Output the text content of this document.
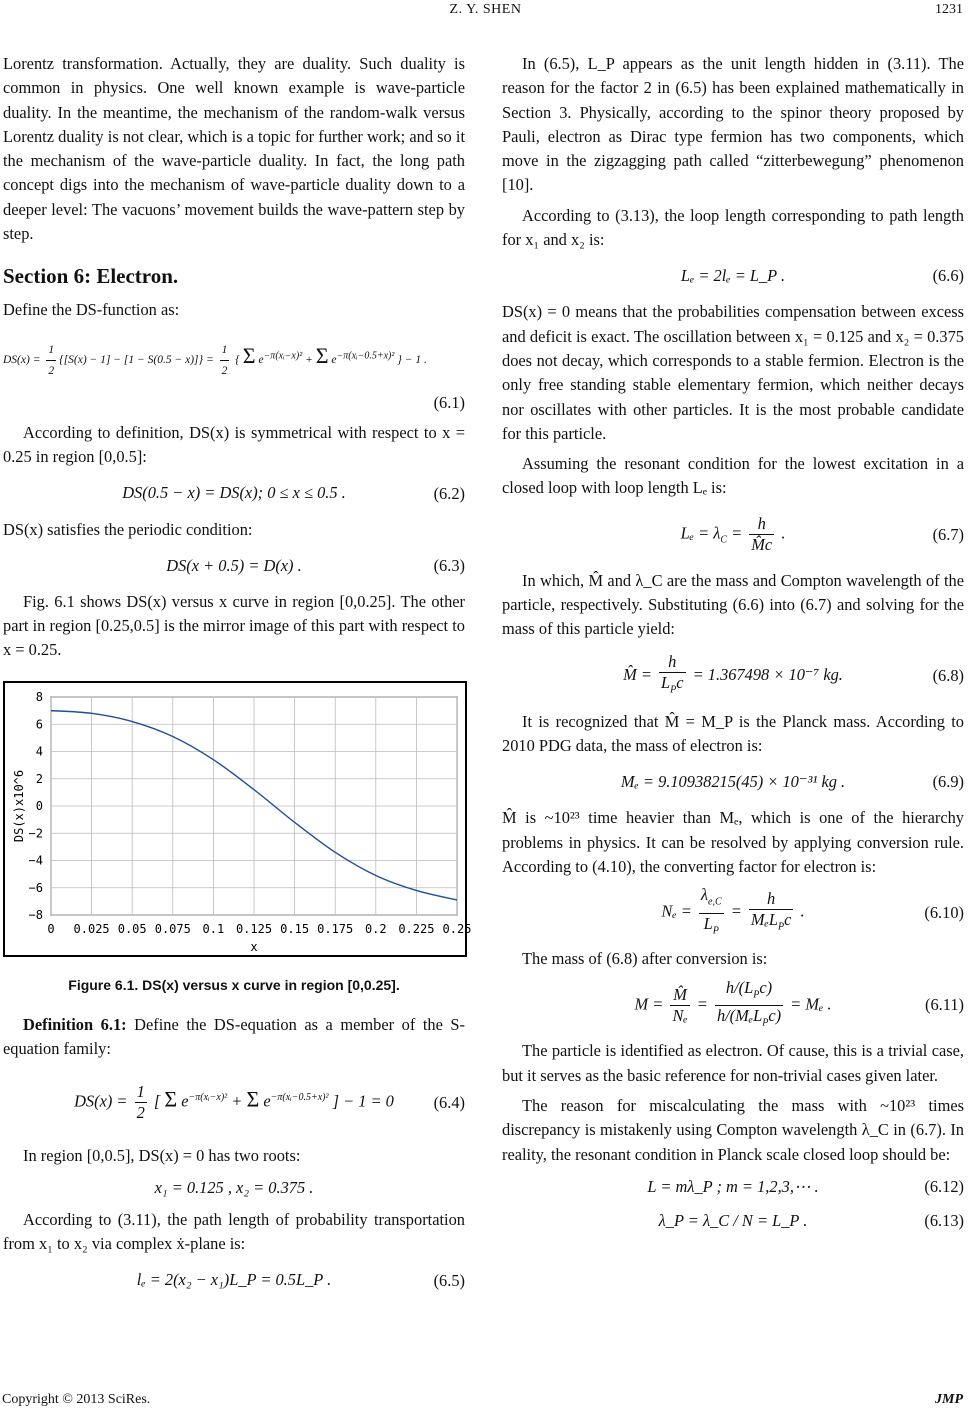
Z. Y. SHEN	1231

Lorentz transformation. Actually, they are duality. Such duality is common in physics. One well known example is wave-particle duality. In the meantime, the mechanism of the random-walk versus Lorentz duality is not clear, which is a topic for further work; and so it the mechanism of the wave-particle duality. In fact, the long path concept digs into the mechanism of wave-particle duality down to a deeper level: The vacuons’ movement builds the wave-pattern step by step.

Section 6: Electron.

Define the DS-function as:

$DS(x) = \frac{1}{2} \{[S(x) - 1] - [1 - S(0.5 - x)]\} = \frac{1}{2}$ { Σ $e^{-\pi(xᵢ-x)^2} + \Sigma$ $e^{-\pi(xᵢ-0.5+x)^2}$ } − 1 .
(6.1)

According to definition, DS(x) is symmetrical with respect to x = 0.25 in region [0,0.5]:

DS(0.5 − x) = DS(x); 0 ≤ x ≤ 0.5 .	(6.2)

DS(x) satisfies the periodic condition:

DS(x + 0.5) = D(x) .	(6.3)

Fig. 6.1 shows DS(x) versus x curve in region [0,0.25]. The other part in region [0.25,0.5] is the mirror image of this part with respect to x = 0.25.

0 0.025 0.05 0.075 0.1 0.125 0.15 0.175 0.2 0.225 0.25
8
6
4
2
0
−2
−4
−6
−8
x
DS(x)x10^6
Figure 6.1. DS(x) versus x curve in region [0,0.25].

Definition 6.1: Define the DS-equation as a member of the S-equation family:

$DS(x) = \frac{1}{2}$ [ Σ $e^{-\pi(xᵢ-x)^2} + \Sigma$ $e^{-\pi(xᵢ-0.5+x)^2}$ ] − 1 = 0	(6.4)

In region [0,0.5], DS(x) = 0 has two roots:

x₁ = 0.125 , x₂ = 0.375 .

According to (3.11), the path length of probability transportation from x₁ to x₂ via complex ẋ-plane is:

lₑ = 2(x₂ − x₁)L_P = 0.5L_P .	(6.5)

In (6.5), L_P appears as the unit length hidden in (3.11). The reason for the factor 2 in (6.5) has been explained mathematically in Section 3. Physically, according to the spinor theory proposed by Pauli, electron as Dirac type fermion has two components, which move in the zigzagging path called “zitterbewegung” phenomenon [10].

According to (3.13), the loop length corresponding to path length for x₁ and x₂ is:

Lₑ = 2lₑ = L_P .	(6.6)

DS(x) = 0 means that the probabilities compensation between excess and deficit is exact. The oscillation between x₁ = 0.125 and x₂ = 0.375 does not decay, which corresponds to a stable fermion. Electron is the only free standing stable elementary fermion, which neither decays nor oscillates with other particles. It is the most probable candidate for this particle.

Assuming the resonant condition for the lowest excitation in a closed loop with loop length Lₑ is:

$L_e = \lambda_C = \frac{h}{M̂c}$ .	(6.7)

In which, M̂ and λ_C are the mass and Compton wavelength of the particle, respectively. Substituting (6.6) into (6.7) and solving for the mass of this particle yield:

M̂ = $\frac{h}{L_Pc} = 1.367498 \times 10^{-7}$ kg.	(6.8)

It is recognized that M̂ = M_P is the Planck mass. According to 2010 PDG data, the mass of electron is:

Mₑ = 9.10938215(45) × 10⁻³¹ kg .	(6.9)

M̂ is ~10²³ time heavier than Mₑ, which is one of the hierarchy problems in physics. It can be resolved by applying conversion rule. According to (4.10), the converting factor for electron is:

$N_e = \frac{\lambda_{e,C}}{L_P} = \frac{h}{M_eL_Pc}$ .	(6.10)

The mass of (6.8) after conversion is:

$M = \frac{M̂}{\text{Nₑ}} = \frac{h/(L_Pc)}{h/(M_eL_Pc)} = M_e$ .	(6.11)

The particle is identified as electron. Of cause, this is a trivial case, but it serves as the basic reference for non-trivial cases given later.

The reason for miscalculating the mass with ~10²³ times discrepancy is mistakenly using Compton wavelength λ_C in (6.7). In reality, the resonant condition in Planck scale closed loop should be:

L = mλ_P ; m = 1,2,3,⋯ .	(6.12)
λ_P = λ_C / N = L_P .	(6.13)
Copyright © 2013 SciRes.	JMP
